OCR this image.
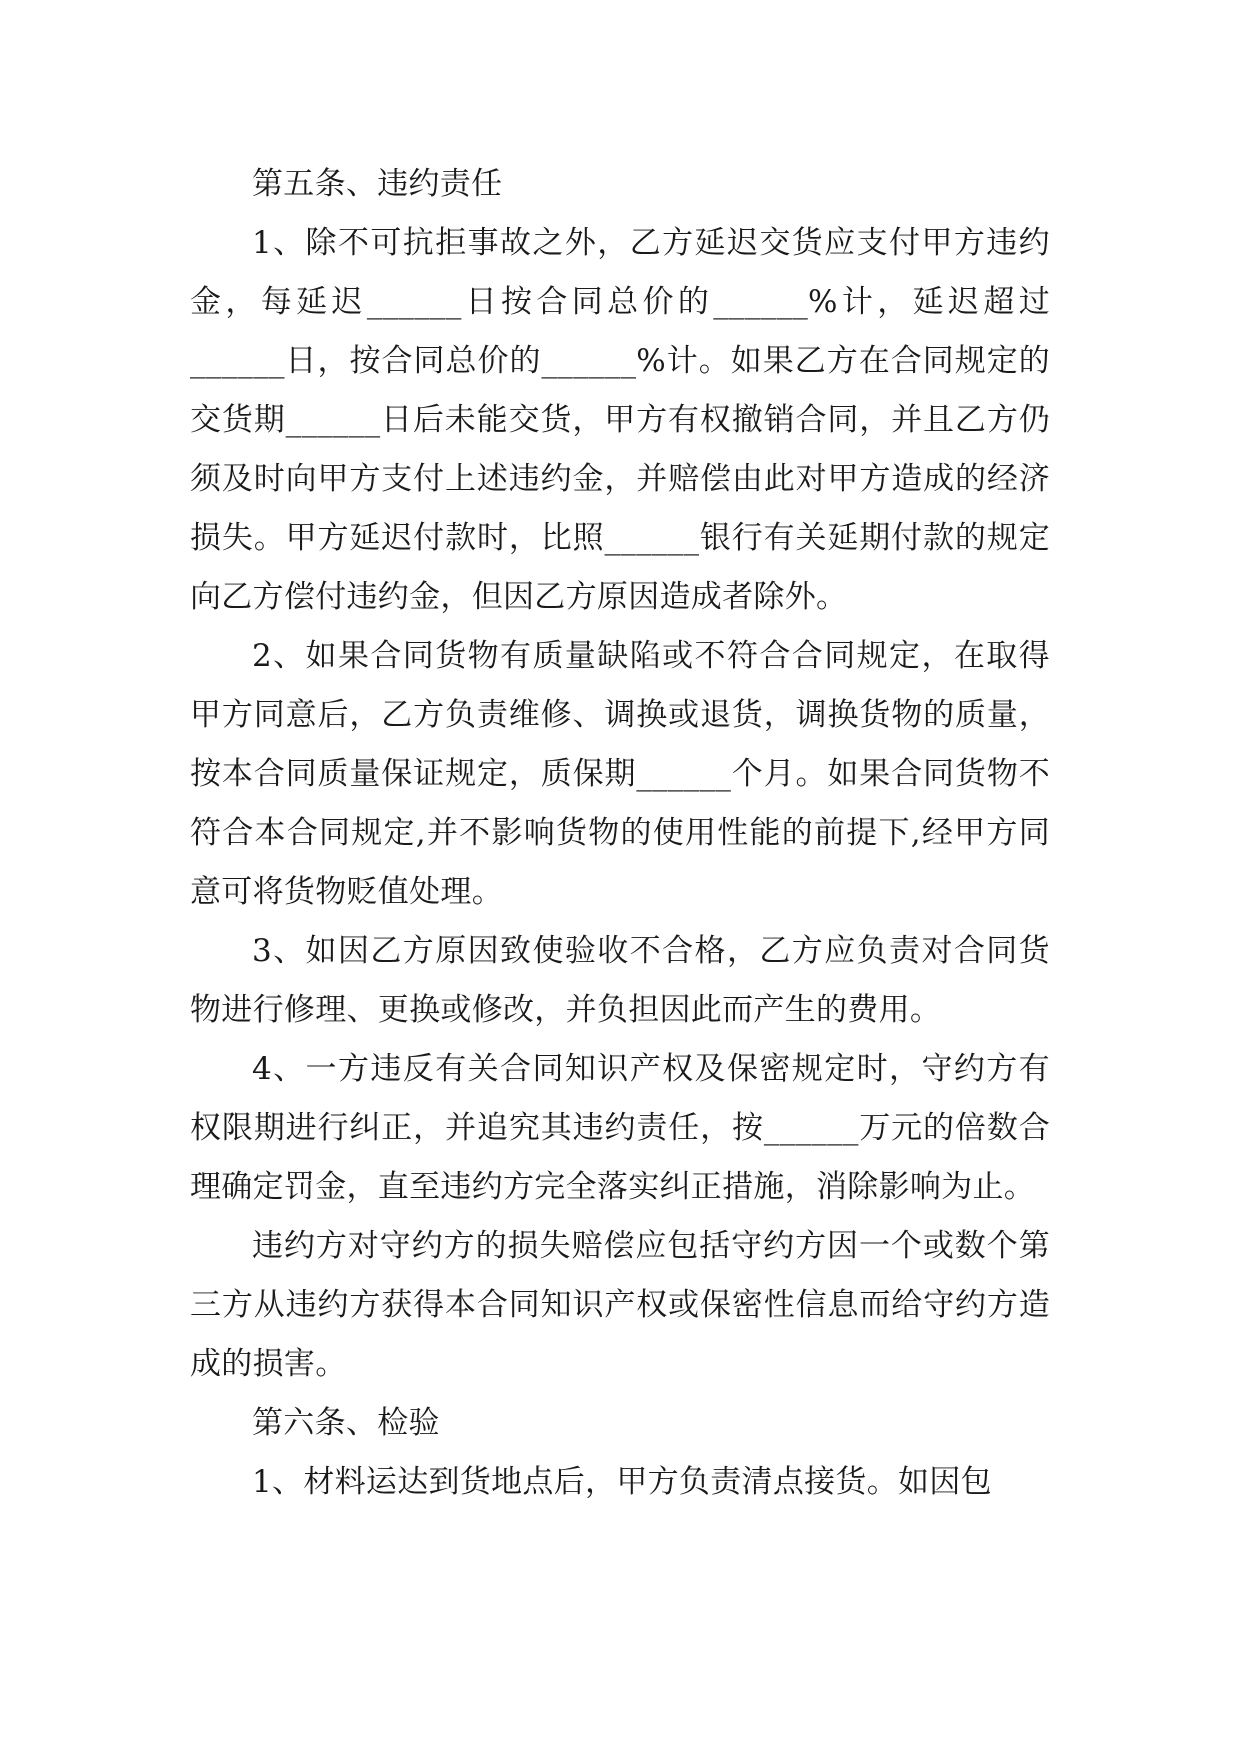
第五条、违约责任

1、除不可抗拒事故之外，乙方延迟交货应支付甲方违约金，每延迟______日按合同总价的______%计，延迟超过______日，按合同总价的______%计。如果乙方在合同规定的交货期______日后未能交货，甲方有权撤销合同，并且乙方仍须及时向甲方支付上述违约金，并赔偿由此对甲方造成的经济损失。甲方延迟付款时，比照______银行有关延期付款的规定向乙方偿付违约金，但因乙方原因造成者除外。

2、如果合同货物有质量缺陷或不符合合同规定，在取得甲方同意后，乙方负责维修、调换或退货，调换货物的质量，按本合同质量保证规定，质保期______个月。如果合同货物不符合本合同规定,并不影响货物的使用性能的前提下,经甲方同意可将货物贬值处理。

3、如因乙方原因致使验收不合格，乙方应负责对合同货物进行修理、更换或修改，并负担因此而产生的费用。

4、一方违反有关合同知识产权及保密规定时，守约方有权限期进行纠正，并追究其违约责任，按______万元的倍数合理确定罚金，直至违约方完全落实纠正措施，消除影响为止。

违约方对守约方的损失赔偿应包括守约方因一个或数个第三方从违约方获得本合同知识产权或保密性信息而给守约方造成的损害。

第六条、检验

1、材料运达到货地点后，甲方负责清点接货。如因包
